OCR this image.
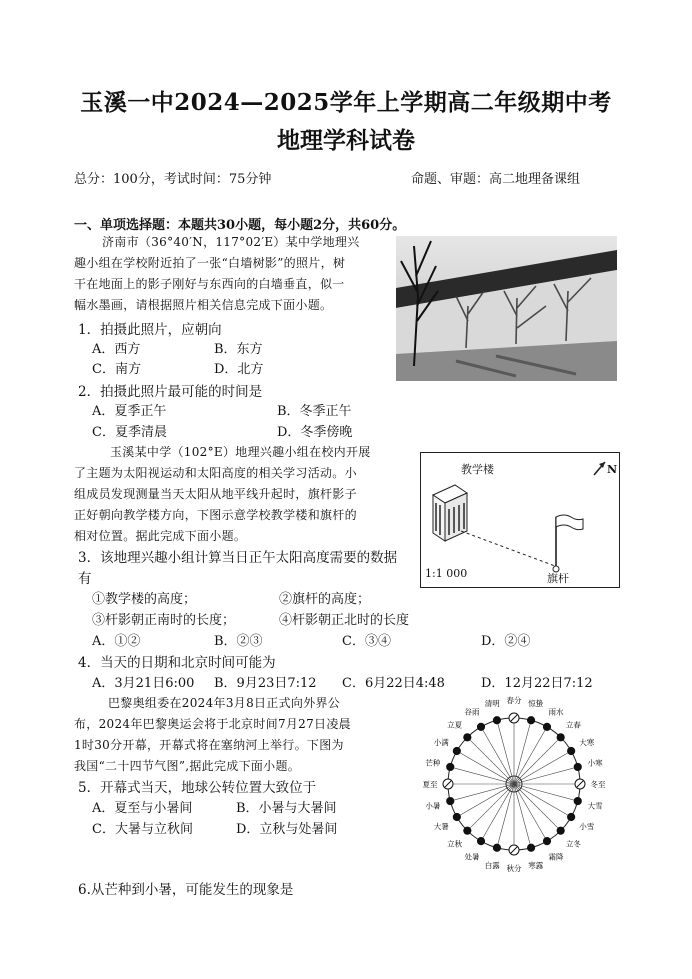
玉溪一中2024—2025学年上学期高二年级期中考
地理学科试卷
总分：100分，考试时间：75分钟	命题、审题：高二地理备课组
一、单项选择题：本题共30小题，每小题2分，共60分。
济南市（36°40′N，117°02′E）某中学地理兴
趣小组在学校附近拍了一张“白墙树影”的照片，树
干在地面上的影子刚好与东西向的白墙垂直，似一
幅水墨画，请根据照片相关信息完成下面小题。
1．拍摄此照片，应朝向
A．西方	B．东方
C．南方	D．北方
2．拍摄此照片最可能的时间是
A．夏季正午	B．冬季正午
C．夏季清晨	D．冬季傍晚
玉溪某中学（102°E）地理兴趣小组在校内开展
了主题为太阳视运动和太阳高度的相关学习活动。小
组成员发现测量当天太阳从地平线升起时，旗杆影子
正好朝向教学楼方向，下图示意学校教学楼和旗杆的
相对位置。据此完成下面小题。
教学楼	N
1:1 000	旗杆
3．该地理兴趣小组计算当日正午太阳高度需要的数据
有
①教学楼的高度；	②旗杆的高度；
③杆影朝正南时的长度；	④杆影朝正北时的长度
A．①②	B．②③	C．③④	D．②④
4．当天的日期和北京时间可能为
A．3月21日6:00 B．9月23日7:12 C．6月22日4:48	D．12月22日7:12
巴黎奥组委在2024年3月8日正式向外界公
布，2024年巴黎奥运会将于北京时间7月27日凌晨
1时30分开幕，开幕式将在塞纳河上举行。下图为
我国“二十四节气图”,据此完成下面小题。
5．开幕式当天，地球公转位置大致位于
A．夏至与小暑间	B．小暑与大暑间
C．大暑与立秋间	D．立秋与处暑间
6.从芒种到小暑，可能发生的现象是
春分 惊蛰
雨水
立春
大寒
小寒
冬至
大雪
小雪
立冬
霜降
寒露
秋分
白露
处暑
立秋
大暑
小暑
夏至
芒种
小满
立夏
谷雨
清明
